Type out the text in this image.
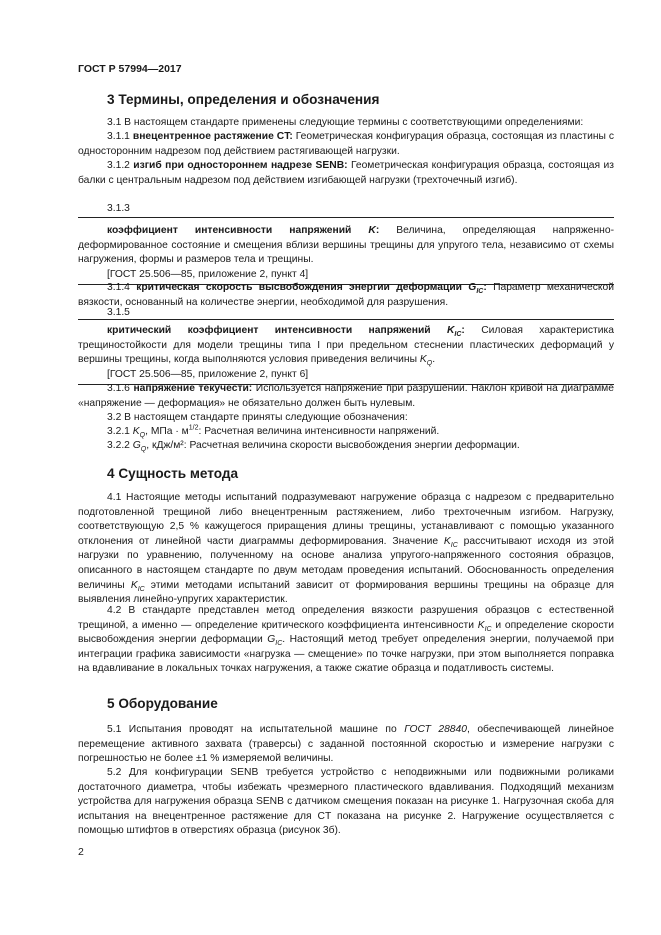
ГОСТ Р 57994—2017
3 Термины, определения и обозначения

3.1 В настоящем стандарте применены следующие термины с соответствующими определениями:

3.1.1 внецентренное растяжение CT: Геометрическая конфигурация образца, состоящая из пластины с односторонним надрезом под действием растягивающей нагрузки.

3.1.2 изгиб при одностороннем надрезе SENB: Геометрическая конфигурация образца, состоящая из балки с центральным надрезом под действием изгибающей нагрузки (трехточечный изгиб).

3.1.3

коэффициент интенсивности напряжений K: Величина, определяющая напряженно-деформированное состояние и смещения вблизи вершины трещины для упругого тела, независимо от схемы нагружения, формы и размеров тела и трещины.

[ГОСТ 25.506—85, приложение 2, пункт 4]

3.1.4 критическая скорость высвобождения энергии деформации $G_{IC}$: Параметр механической вязкости, основанный на количестве энергии, необходимой для разрушения.

3.1.5

критический коэффициент интенсивности напряжений $K_{IC}$: Силовая характеристика трещиностойкости для модели трещины типа I при предельном стеснении пластических деформаций у вершины трещины, когда выполняются условия приведения величины $K_Q$.

[ГОСТ 25.506—85, приложение 2, пункт 6]

3.1.6 напряжение текучести: Используется напряжение при разрушении. Наклон кривой на диаграмме «напряжение — деформация» не обязательно должен быть нулевым.

3.2 В настоящем стандарте приняты следующие обозначения:

3.2.1 $K_Q$, МПа · $м^{1/2}$: Расчетная величина интенсивности напряжений.

3.2.2 $G_Q$, кДж/м²: Расчетная величина скорости высвобождения энергии деформации.

4 Сущность метода

4.1 Настоящие методы испытаний подразумевают нагружение образца с надрезом с предварительно подготовленной трещиной либо внецентренным растяжением, либо трехточечным изгибом. Нагрузку, соответствующую 2,5 % кажущегося приращения длины трещины, устанавливают с помощью указанного отклонения от линейной части диаграммы деформирования. Значение $K_{IC}$ рассчитывают исходя из этой нагрузки по уравнению, полученному на основе анализа упругого-напряженного состояния образцов, описанного в настоящем стандарте по двум методам проведения испытаний. Обоснованность определения величины $K_{IC}$ этими методами испытаний зависит от формирования вершины трещины на образце для выявления линейно-упругих характеристик.

4.2 В стандарте представлен метод определения вязкости разрушения образцов с естественной трещиной, а именно — определение критического коэффициента интенсивности $K_{IC}$ и определение скорости высвобождения энергии деформации $G_{IC}$. Настоящий метод требует определения энергии, получаемой при интеграции графика зависимости «нагрузка — смещение» по точке нагрузки, при этом выполняется поправка на вдавливание в локальных точках нагружения, а также сжатие образца и податливость системы.

5 Оборудование

5.1 Испытания проводят на испытательной машине по ГОСТ 28840, обеспечивающей линейное перемещение активного захвата (траверсы) с заданной постоянной скоростью и измерение нагрузки с погрешностью не более ±1 % измеряемой величины.

5.2 Для конфигурации SENB требуется устройство с неподвижными или подвижными роликами достаточного диаметра, чтобы избежать чрезмерного пластического вдавливания. Подходящий механизм устройства для нагружения образца SENB с датчиком смещения показан на рисунке 1. Нагрузочная скоба для испытания на внецентренное растяжение для CT показана на рисунке 2. Нагружение осуществляется с помощью штифтов в отверстиях образца (рисунок 3б).

2
